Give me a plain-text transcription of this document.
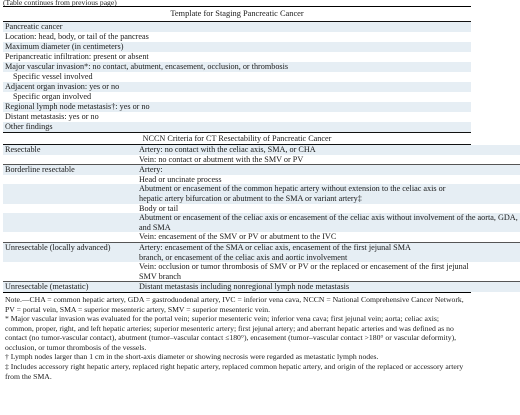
(Table continues from previous page)
Template for Staging Pancreatic Cancer
Pancreatic cancer
Location: head, body, or tail of the pancreas
Maximum diameter (in centimeters)
Peripancreatic infiltration: present or absent
Major vascular invasion*: no contact, abutment, encasement, occlusion, or thrombosis
Specific vessel involved
Adjacent organ invasion: yes or no
Specific organ involved
Regional lymph node metastasis†: yes or no
Distant metastasis: yes or no
Other findings
NCCN Criteria for CT Resectability of Pancreatic Cancer
Resectable	Artery: no contact with the celiac axis, SMA, or CHA
Vein: no contact or abutment with the SMV or PV
Borderline resectable	Artery:
Head or uncinate process
Abutment or encasement of the common hepatic artery without extension to the celiac axis or
hepatic artery bifurcation or abutment to the SMA or variant artery‡
Body or tail
Abutment or encasement of the celiac axis or encasement of the celiac axis without involvement of the aorta, GDA,
and SMA
Vein: encasement of the SMV or PV or abutment to the IVC
Unresectable (locally advanced)	Artery: encasement of the SMA or celiac axis, encasement of the first jejunal SMA
branch, or encasement of the celiac axis and aortic involvement
Vein: occlusion or tumor thrombosis of SMV or PV or the replaced or encasement of the first jejunal
SMV branch
Unresectable (metastatic)	Distant metastasis including nonregional lymph node metastasis

Note.—CHA = common hepatic artery, GDA = gastroduodenal artery, IVC = inferior vena cava, NCCN = National Comprehensive Cancer Network, PV = portal vein, SMA = superior mesenteric artery, SMV = superior mesenteric vein.

* Major vascular invasion was evaluated for the portal vein; superior mesenteric vein; inferior vena cava; first jejunal vein; aorta; celiac axis; common, proper, right, and left hepatic arteries; superior mesenteric artery; first jejunal artery; and aberrant hepatic arteries and was defined as no contact (no tumor-vascular contact), abutment (tumor–vascular contact ≤180°), encasement (tumor–vascular contact >180° or vascular deformity), occlusion, or tumor thrombosis of the vessels.

† Lymph nodes larger than 1 cm in the short-axis diameter or showing necrosis were regarded as metastatic lymph nodes.

‡ Includes accessory right hepatic artery, replaced right hepatic artery, replaced common hepatic artery, and origin of the replaced or accessory artery from the SMA.
